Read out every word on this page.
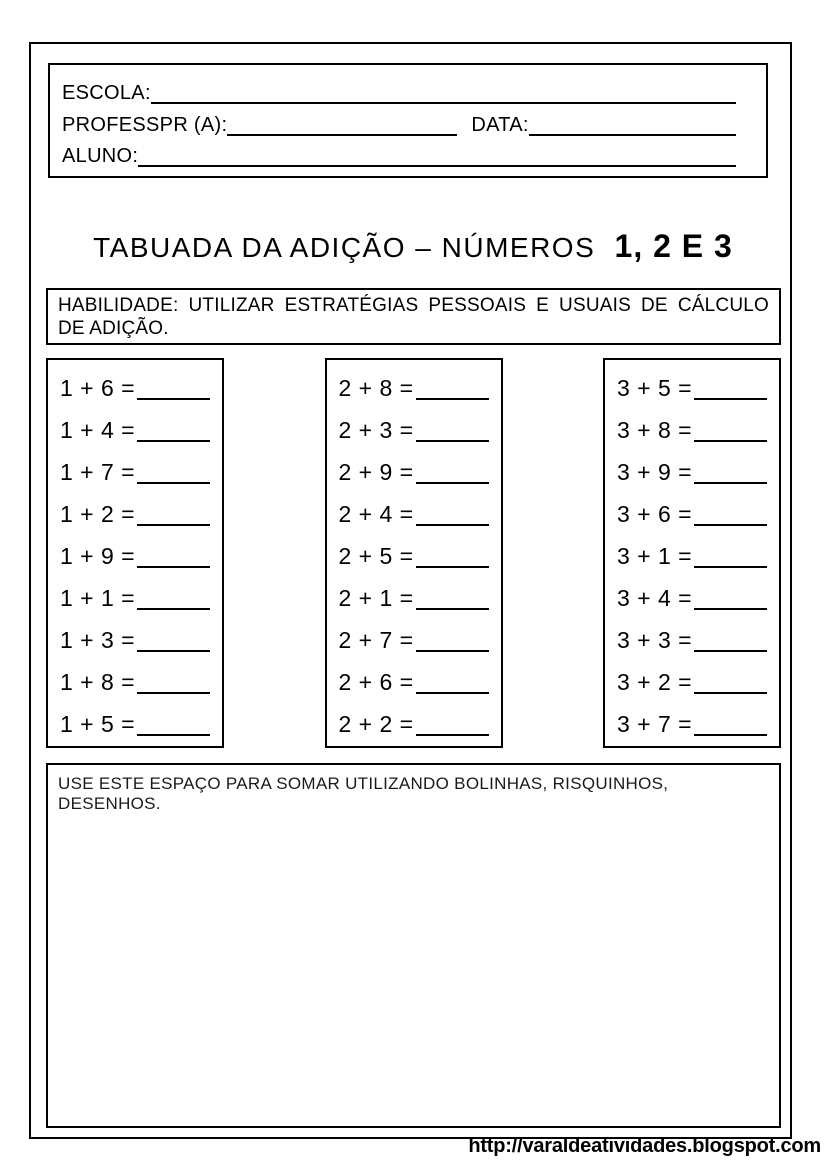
ESCOLA:
PROFESSPR (A):	DATA:
ALUNO:
TABUADA DA ADIÇÃO – NÚMEROS 1, 2 E 3
HABILIDADE: UTILIZAR ESTRATÉGIAS PESSOAIS E USUAIS DE CÁLCULO DE ADIÇÃO.
1 + 6 =
1 + 4 =
1 + 7 =
1 + 2 =
1 + 9 =
1 + 1 =
1 + 3 =
1 + 8 =
1 + 5 =
2 + 8 =
2 + 3 =
2 + 9 =
2 + 4 =
2 + 5 =
2 + 1 =
2 + 7 =
2 + 6 =
2 + 2 =
3 + 5 =
3 + 8 =
3 + 9 =
3 + 6 =
3 + 1 =
3 + 4 =
3 + 3 =
3 + 2 =
3 + 7 =
USE ESTE ESPAÇO PARA SOMAR UTILIZANDO BOLINHAS, RISQUINHOS, DESENHOS.
http://varaldeatividades.blogspot.com
